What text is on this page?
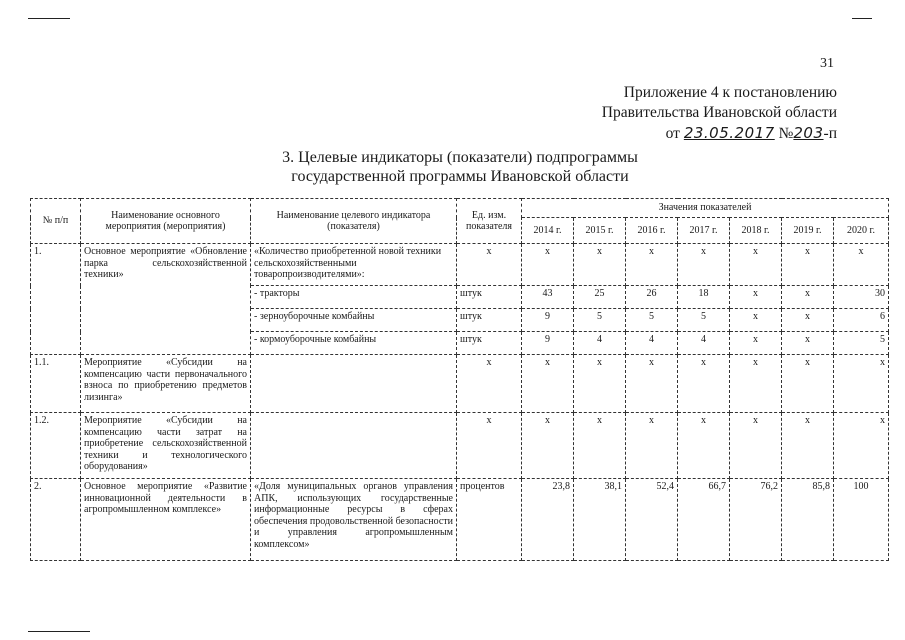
31
Приложение 4 к постановлению
Правительства Ивановской области
от 23.05.2017 №203-п
3. Целевые индикаторы (показатели) подпрограммы
государственной программы Ивановской области
№ п/п	Наименование основного мероприятия (мероприятия)	Наименование целевого индикатора (показателя)	Ед. изм. показателя	Значения показателей						
				2014 г.	2015 г.	2016 г.	2017 г.	2018 г.	2019 г.	2020 г.
1.	Основное мероприятие «Обновление парка сельскохозяйственной техники»	«Количество приобретенной новой техники сельскохозяйственными товаропроизводителями»:	х	х	х	х	х	х	х	х
		- тракторы	штук	43	25	26	18	х	х	30
		- зерноуборочные комбайны	штук	9	5	5	5	х	х	6
		- кормоуборочные комбайны	штук	9	4	4	4	х	х	5
1.1.	Мероприятие «Субсидии на компенсацию части первоначального взноса по приобретению предметов лизинга»		х	х	х	х	х	х	х	х
1.2.	Мероприятие «Субсидии на компенсацию части затрат на приобретение сельскохозяйственной техники и технологического оборудования»		х	х	х	х	х	х	х	х
2.	Основное мероприятие «Развитие инновационной деятельности в агропромышленном комплексе»	«Доля муниципальных органов управления АПК, использующих государственные информационные ресурсы в сферах обеспечения продовольственной безопасности и управления агропромышленным комплексом»	процентов	23,8	38,1	52,4	66,7	76,2	85,8	100
